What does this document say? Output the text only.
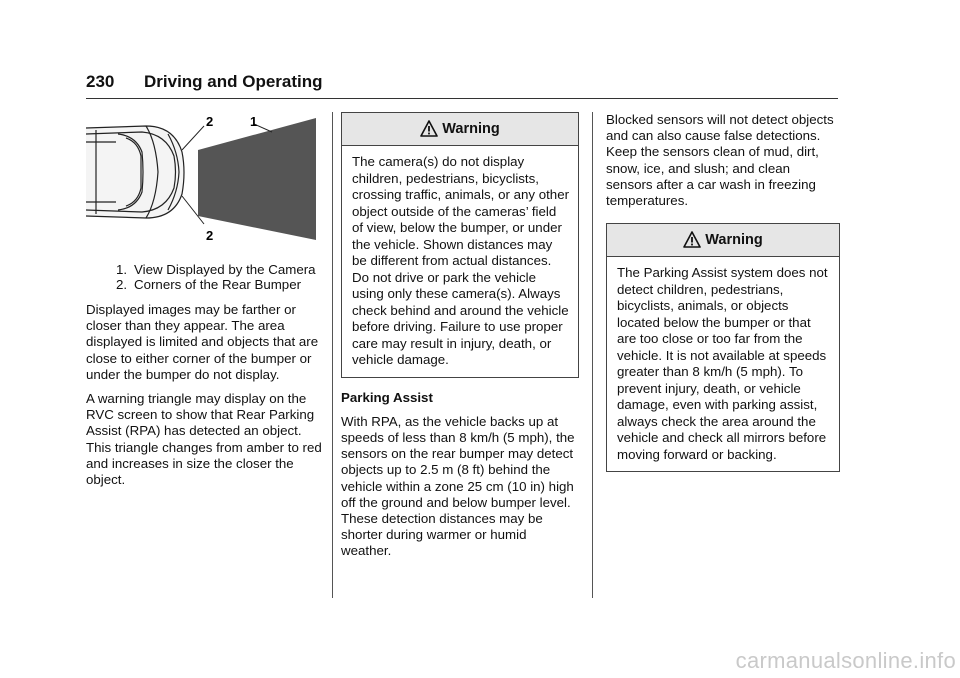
230 Driving and Operating
2	1
2
1. View Displayed by the Camera
2. Corners of the Rear Bumper

Displayed images may be farther or closer than they appear. The area displayed is limited and objects that are close to either corner of the bumper or under the bumper do not display.

A warning triangle may display on the RVC screen to show that Rear Parking Assist (RPA) has detected an object. This triangle changes from amber to red and increases in size the closer the object.

Warning
The camera(s) do not display children, pedestrians, bicyclists, crossing traffic, animals, or any other object outside of the cameras’ field of view, below the bumper, or under the vehicle. Shown distances may be different from actual distances. Do not drive or park the vehicle using only these camera(s). Always check behind and around the vehicle before driving. Failure to use proper care may result in injury, death, or vehicle damage.
Parking Assist

With RPA, as the vehicle backs up at speeds of less than 8 km/h (5 mph), the sensors on the rear bumper may detect objects up to 2.5 m (8 ft) behind the vehicle within a zone 25 cm (10 in) high off the ground and below bumper level. These detection distances may be shorter during warmer or humid weather.

Blocked sensors will not detect objects and can also cause false detections. Keep the sensors clean of mud, dirt, snow, ice, and slush; and clean sensors after a car wash in freezing temperatures.

Warning
The Parking Assist system does not detect children, pedestrians, bicyclists, animals, or objects located below the bumper or that are too close or too far from the vehicle. It is not available at speeds greater than 8 km/h (5 mph). To prevent injury, death, or vehicle damage, even with parking assist, always check the area around the vehicle and check all mirrors before moving forward or backing.
carmanualsonline.info
